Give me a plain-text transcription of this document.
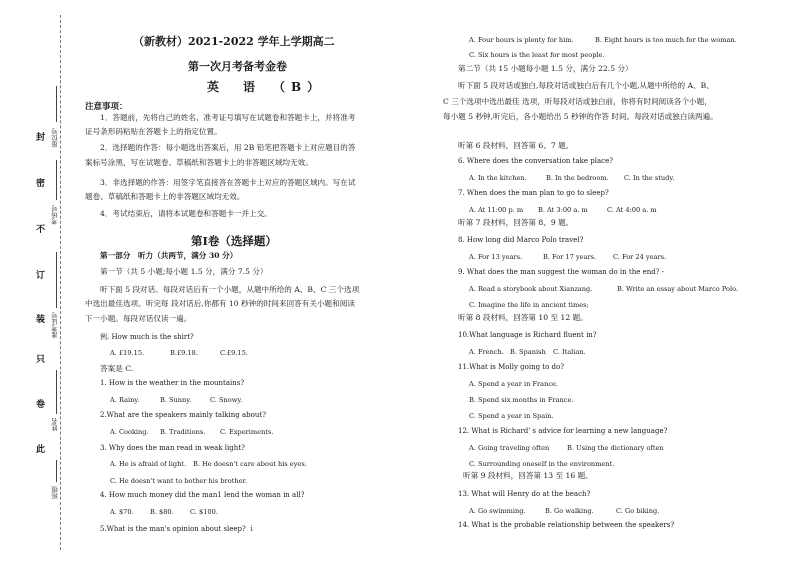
封
密
不
订
装
只
卷
此
座位号
考场号
准考证号
姓名
班级
（新教材）2021-2022 学年上学期高二
第一次月考备考金卷
英　语　（B）
注意事项：
1．答题前，先将自己的姓名、准考证号填写在试题卷和答题卡上，并将准考
证号条形码粘贴在答题卡上的指定位置。
2．选择题的作答：每小题选出答案后，用 2B 铅笔把答题卡上对应题目的答
案标号涂黑，写在试题卷、草稿纸和答题卡上的非答题区域均无效。
3．非选择题的作答：用签字笔直接答在答题卡上对应的答题区域内。写在试
题卷、草稿纸和答题卡上的非答题区域均无效。
4．考试结束后，请将本试题卷和答题卡一并上交。
第Ⅰ卷（选择题）
第一部分　听力（共两节，满分 30 分）
第一节（共 5 小题;每小题 1.5 分，满分 7.5 分）
听下面 5 段对话。每段对话后有一个小题，从题中所给的 A、B、C 三个选项
中选出最佳选项。听完每 段对话后,你都有 10 秒钟的时间来回答有关小题和阅读
下一小题。每段对话仅读一遍。
例. How much is the shirt?
A. £19.15.	B.£9.18.	C.£9.15.
答案是 C.
1. How is the weather in the mountains?
A. Rainy.	B. Sunny.	C. Snowy.
2.What are the speakers mainly talking about?
A. Cooking. B. Traditions. C. Experiments.
3. Why does the man read in weak light?
A. He is afraid of light. B. He doesn't care about his eyes.
C. He doesn't want to bother his brother.
4. How much money did the man1 lend the woman in all?
A. $70. B. $80. C. $100.
5.What is the man's opinion about sleep? ｉ
A. Four hours is plenty for him.	B. Eight hours is too much for the woman.
C. Six hours is the least for most people.
第二节（共 15 小题每小题 1.5 分，满分 22.5 分）
听下面 5 段对话或独白,每段对话或独白后有几个小题,从题中所给的 A、B、
C 三个选项中选出最佳 选项，听每段对话或独白前，你将有时间阅读各个小题，
每小题 5 秒钟,听完后，各小题给出 5 秒钟的作答 时间。每段对话或独白读两遍。
听第 6 段材料，回答第 6、7 题。
6. Where does the conversation take place?
A. In the kitchen.	B. In the bedroom. C. In the study.
7. When does the man plan to go to sleep?
A. At 11:00 p. m B. At 3:00 a. m	C. At 4:00 a. m
听第 7 段材料，回答第 8、9 题。
8. How long did Marco Polo travel?
A. For 13 years.	B. For 17 years.	C. For 24 years.
9. What does the man suggest the woman do in the end? -
A. Read a storybook about Xianzang.	B. Write an essay about Marco Polo.
C. Imagine the life in ancient times;
听第 8 段材料，回答第 10 至 12 题。
10.What language is Richard fluent in?
A. French. B. Spanish C. Italian.
11.What is Molly going to do?
A. Spend a year in France.
B. Spend six months in France.
C. Spend a year in Spain.
12. What is Richard' s advice for learning a new language?
A. Going traveling often	B. Using the dictionary often
C. Surrounding oneself in the environment.
听第 9 段材料，回答第 13 至 16 题。
13. What will Henry do at the beach?
A. Go swimming.	B. Go walking.	C. Go biking.
14. What is the probable relationship between the speakers?
